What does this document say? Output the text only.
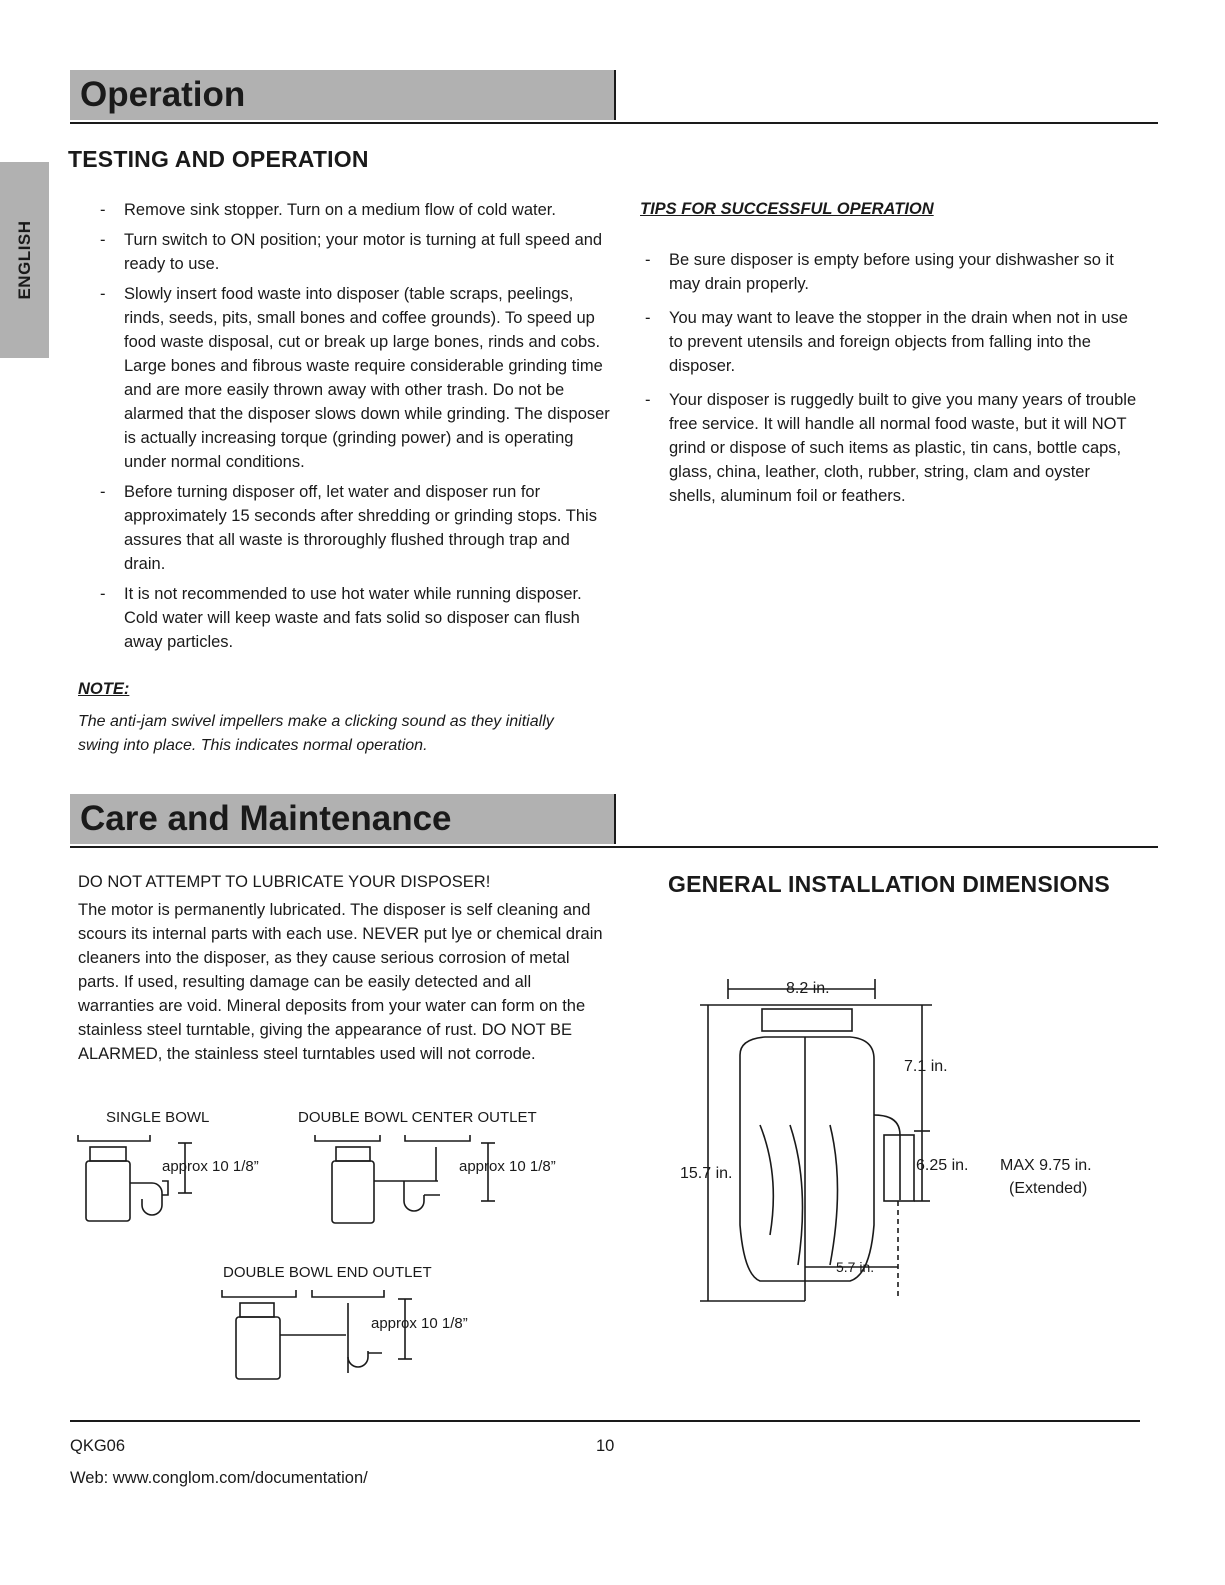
ENGLISH
Operation
TESTING AND OPERATION
- Remove sink stopper. Turn on a medium flow of cold water.
- Turn switch to ON position; your motor is turning at full speed and ready to use.
- Slowly insert food waste into disposer (table scraps, peelings, rinds, seeds, pits, small bones and coffee grounds). To speed up food waste disposal, cut or break up large bones, rinds and cobs. Large bones and fibrous waste require considerable grinding time and are more easily thrown away with other trash. Do not be alarmed that the disposer slows down while grinding. The disposer is actually increasing torque (grinding power) and is operating under normal conditions.
- Before turning disposer off, let water and disposer run for approximately 15 seconds after shredding or grinding stops. This assures that all waste is throroughly flushed through trap and drain.
- It is not recommended to use hot water while running disposer. Cold water will keep waste and fats solid so disposer can flush away particles.
NOTE:
The anti-jam swivel impellers make a clicking sound as they initially swing into place. This indicates normal operation.
TIPS FOR SUCCESSFUL OPERATION
- Be sure disposer is empty before using your dishwasher so it may drain properly.
- You may want to leave the stopper in the drain when not in use to prevent utensils and foreign objects from falling into the disposer.
- Your disposer is ruggedly built to give you many years of trouble free service. It will handle all normal food waste, but it will NOT grind or dispose of such items as plastic, tin cans, bottle caps, glass, china, leather, cloth, rubber, string, clam and oyster shells, aluminum foil or feathers.
Care and Maintenance
DO NOT ATTEMPT TO LUBRICATE YOUR DISPOSER!
The motor is permanently lubricated. The disposer is self cleaning and scours its internal parts with each use. NEVER put lye or chemical drain cleaners into the disposer, as they cause serious corrosion of metal parts. If used, resulting damage can be easily detected and all warranties are void. Mineral deposits from your water can form on the stainless steel turntable, giving the appearance of rust. DO NOT BE ALARMED, the stainless steel turntables used will not corrode.
SINGLE BOWL	DOUBLE BOWL CENTER OUTLET
DOUBLE BOWL END OUTLET
approx 10 1/8”	approx 10 1/8”
approx 10 1/8”
GENERAL INSTALLATION DIMENSIONS
8.2 in.
15.7 in.
7.1 in.
6.25 in. MAX 9.75 in.
(Extended)
5.7 in.
QKG06	10
Web: www.conglom.com/documentation/
